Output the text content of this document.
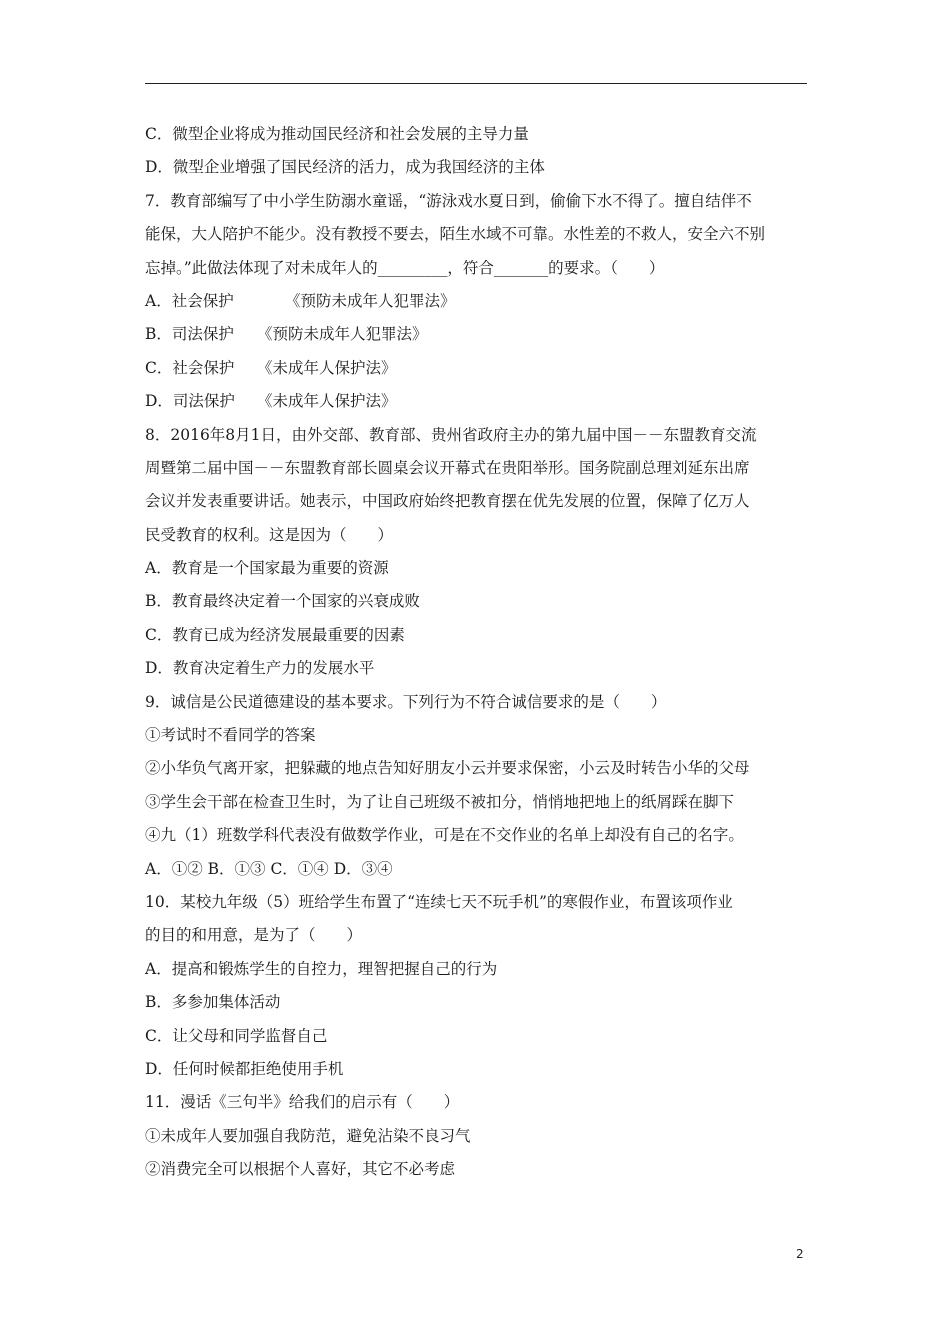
C．微型企业将成为推动国民经济和社会发展的主导力量
D．微型企业增强了国民经济的活力，成为我国经济的主体
7．教育部编写了中小学生防溺水童谣，“游泳戏水夏日到，偷偷下水不得了。擅自结伴不
能保，大人陪护不能少。没有教授不要去，陌生水域不可靠。水性差的不救人，安全六不别
忘掉。”此做法体现了对未成年人的_________，符合_______的要求。（　　）
A．社会保护	《预防未成年人犯罪法》
B．司法保护 《预防未成年人犯罪法》
C．社会保护 《未成年人保护法》
D．司法保护 《未成年人保护法》
8．2016年8月1日，由外交部、教育部、贵州省政府主办的第九届中国－－东盟教育交流
周暨第二届中国－－东盟教育部长圆桌会议开幕式在贵阳举形。国务院副总理刘延东出席
会议并发表重要讲话。她表示，中国政府始终把教育摆在优先发展的位置，保障了亿万人
民受教育的权利。这是因为（　　）
A．教育是一个国家最为重要的资源
B．教育最终决定着一个国家的兴衰成败
C．教育已成为经济发展最重要的因素
D．教育决定着生产力的发展水平
9．诚信是公民道德建设的基本要求。下列行为不符合诚信要求的是（　　）
①考试时不看同学的答案
②小华负气离开家，把躲藏的地点告知好朋友小云并要求保密，小云及时转告小华的父母
③学生会干部在检查卫生时，为了让自己班级不被扣分，悄悄地把地上的纸屑踩在脚下
④九（1）班数学科代表没有做数学作业，可是在不交作业的名单上却没有自己的名字。
A．①② B．①③ C．①④ D．③④
10．某校九年级（5）班给学生布置了“连续七天不玩手机”的寒假作业，布置该项作业
的目的和用意，是为了（　　）
A．提高和锻炼学生的自控力，理智把握自己的行为
B．多参加集体活动
C．让父母和同学监督自己
D．任何时候都拒绝使用手机
11．漫话《三句半》给我们的启示有（　　）
①未成年人要加强自我防范，避免沾染不良习气
②消费完全可以根据个人喜好，其它不必考虑
2
